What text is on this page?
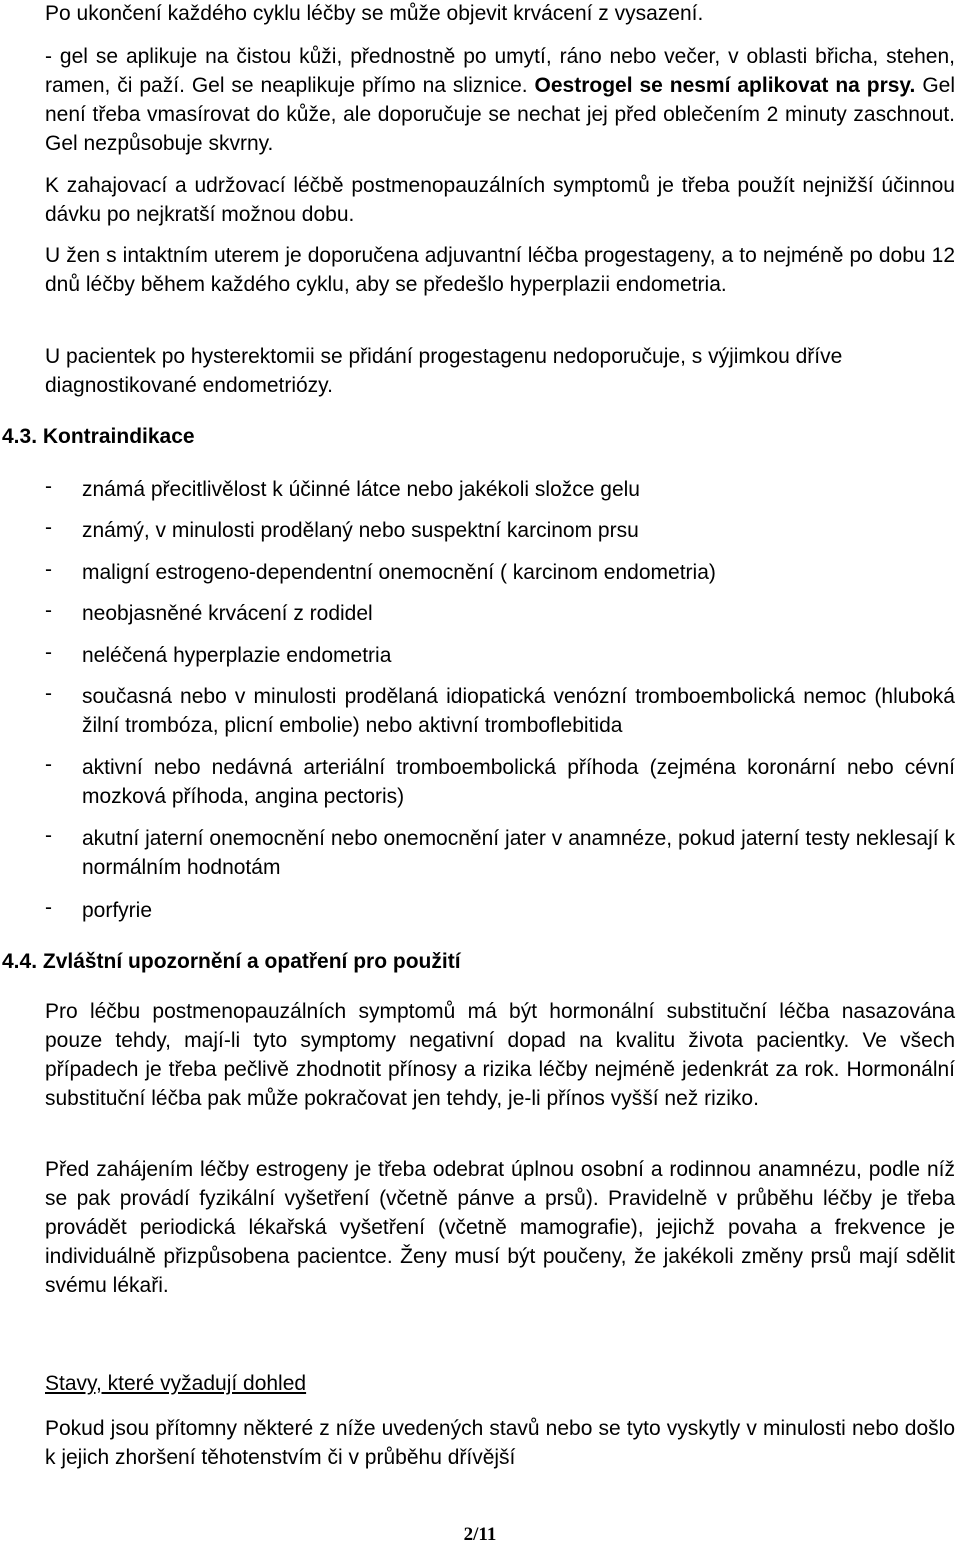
Po ukončení každého cyklu léčby se může objevit krvácení z vysazení.
- gel se aplikuje na čistou kůži, přednostně po umytí, ráno nebo večer, v oblasti břicha, stehen, ramen, či paží. Gel se neaplikuje přímo na sliznice. Oestrogel se nesmí aplikovat na prsy. Gel není třeba vmasírovat do kůže, ale doporučuje se nechat jej před oblečením 2 minuty zaschnout. Gel nezpůsobuje skvrny.
K zahajovací a udržovací léčbě postmenopauzálních symptomů je třeba použít nejnižší účinnou dávku po nejkratší možnou dobu.
U žen s intaktním uterem je doporučena adjuvantní léčba progestageny, a to nejméně po dobu 12 dnů léčby během každého cyklu, aby se předešlo hyperplazii endometria.
U pacientek po hysterektomii se přidání progestagenu nedoporučuje, s výjimkou dříve diagnostikované endometriózy.
4.3. Kontraindikace
- známá přecitlivělost k účinné látce nebo jakékoli složce gelu
- známý, v minulosti prodělaný nebo suspektní karcinom prsu
- maligní estrogeno-dependentní onemocnění ( karcinom endometria)
- neobjasněné krvácení z rodidel
- neléčená hyperplazie endometria
- současná nebo v minulosti prodělaná idiopatická venózní tromboembolická nemoc (hluboká žilní trombóza, plicní embolie) nebo aktivní tromboflebitida
- aktivní nebo nedávná arteriální tromboembolická příhoda (zejména koronární nebo cévní mozková příhoda, angina pectoris)
- akutní jaterní onemocnění nebo onemocnění jater v anamnéze, pokud jaterní testy neklesají k normálním hodnotám
- porfyrie
4.4. Zvláštní upozornění a opatření pro použití
Pro léčbu postmenopauzálních symptomů má být hormonální substituční léčba nasazována pouze tehdy, mají-li tyto symptomy negativní dopad na kvalitu života pacientky. Ve všech případech je třeba pečlivě zhodnotit přínosy a rizika léčby nejméně jedenkrát za rok. Hormonální substituční léčba pak může pokračovat jen tehdy, je-li přínos vyšší než riziko.
Před zahájením léčby estrogeny je třeba odebrat úplnou osobní a rodinnou anamnézu, podle níž se pak provádí fyzikální vyšetření (včetně pánve a prsů). Pravidelně v průběhu léčby je třeba provádět periodická lékařská vyšetření (včetně mamografie), jejichž povaha a frekvence je individuálně přizpůsobena pacientce. Ženy musí být poučeny, že jakékoli změny prsů mají sdělit svému lékaři.
Stavy, které vyžadují dohled
Pokud jsou přítomny některé z níže uvedených stavů nebo se tyto vyskytly v minulosti nebo došlo k jejich zhoršení těhotenstvím či v průběhu dřívější
2/11
